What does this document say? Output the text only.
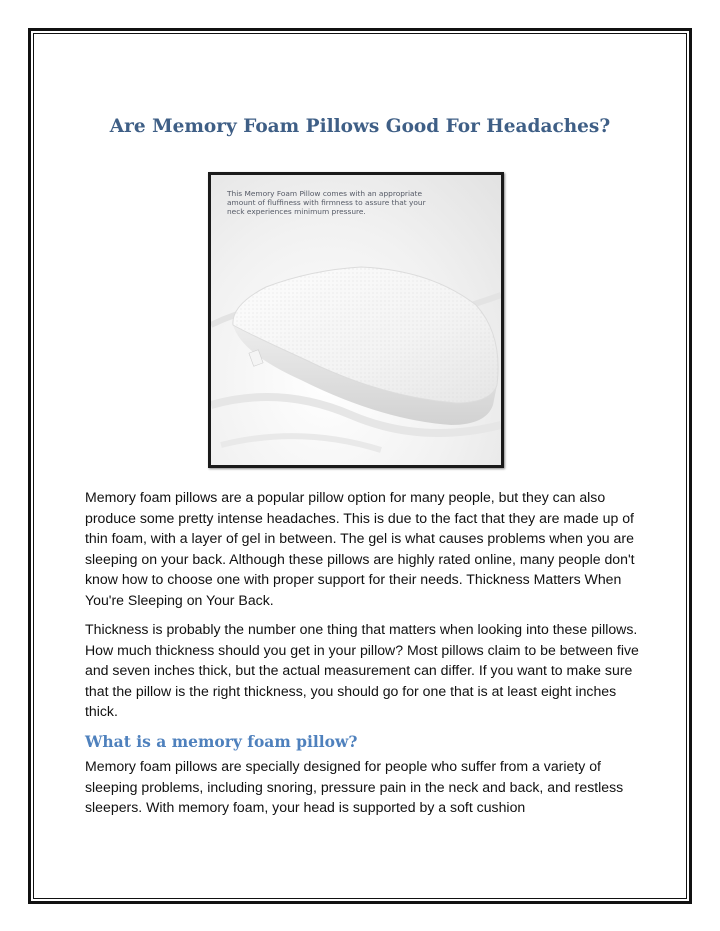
Are Memory Foam Pillows Good For Headaches?
This Memory Foam Pillow comes with an appropriate amount of fluffiness with firmness to assure that your neck experiences minimum pressure.

Memory foam pillows are a popular pillow option for many people, but they can also produce some pretty intense headaches. This is due to the fact that they are made up of thin foam, with a layer of gel in between. The gel is what causes problems when you are sleeping on your back. Although these pillows are highly rated online, many people don't know how to choose one with proper support for their needs. Thickness Matters When You're Sleeping on Your Back.

Thickness is probably the number one thing that matters when looking into these pillows. How much thickness should you get in your pillow? Most pillows claim to be between five and seven inches thick, but the actual measurement can differ. If you want to make sure that the pillow is the right thickness, you should go for one that is at least eight inches thick.

What is a memory foam pillow?

Memory foam pillows are specially designed for people who suffer from a variety of sleeping problems, including snoring, pressure pain in the neck and back, and restless sleepers. With memory foam, your head is supported by a soft cushion
